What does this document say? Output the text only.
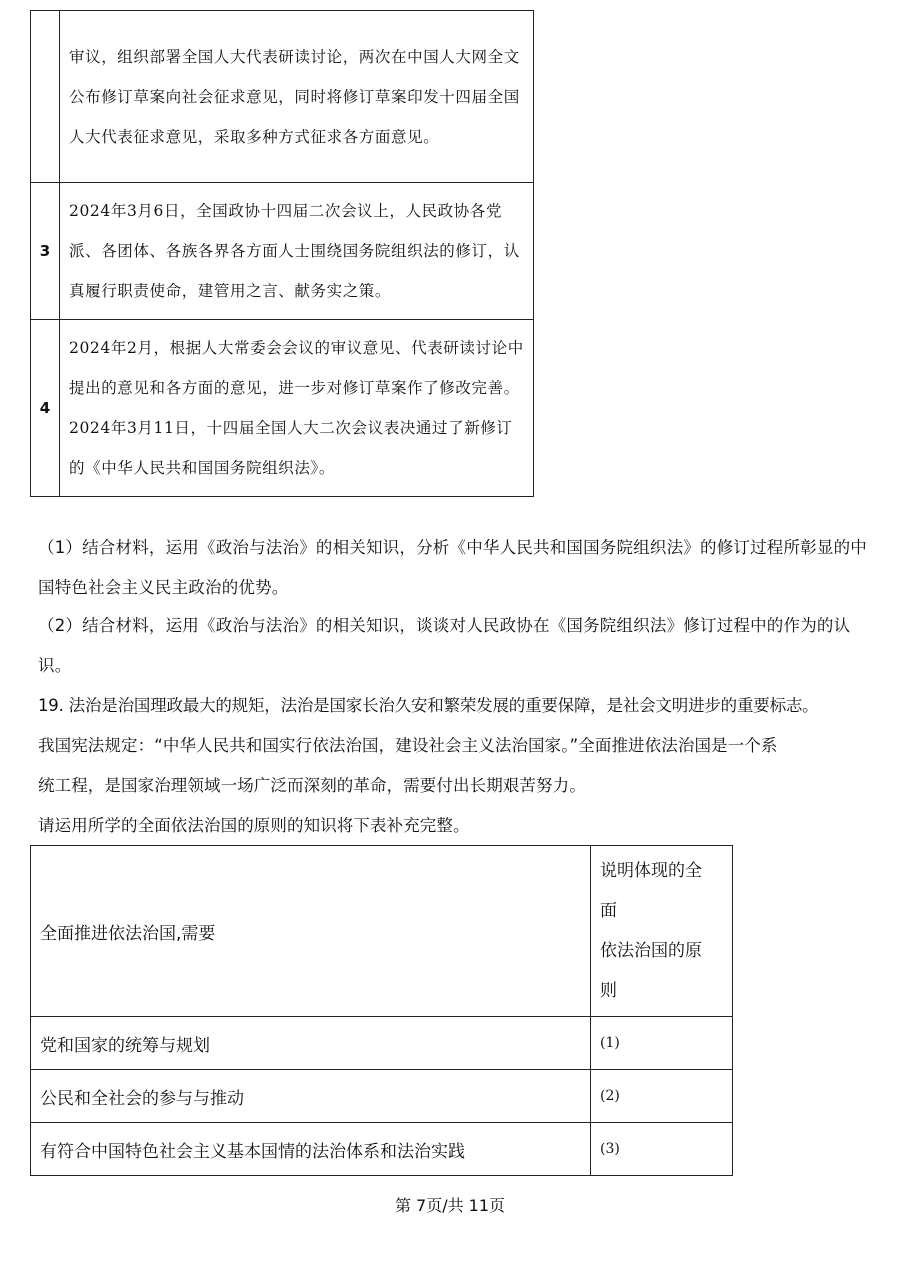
	审议，组织部署全国人大代表研读讨论，两次在中国人大网全文公布修订草案向社会征求意见，同时将修订草案印发十四届全国人大代表征求意见，采取多种方式征求各方面意见。
3	2024年3月6日，全国政协十四届二次会议上，人民政协各党派、各团体、各族各界各方面人士围绕国务院组织法的修订，认真履行职责使命，建管用之言、献务实之策。
4	2024年2月，根据人大常委会会议的审议意见、代表研读讨论中提出的意见和各方面的意见，进一步对修订草案作了修改完善。2024年3月11日，十四届全国人大二次会议表决通过了新修订的《中华人民共和国国务院组织法》。
（1）结合材料，运用《政治与法治》的相关知识，分析《中华人民共和国国务院组织法》的修订过程所彰显的中国特色社会主义民主政治的优势。
（2）结合材料，运用《政治与法治》的相关知识，谈谈对人民政协在《国务院组织法》修订过程中的作为的认识。
19. 法治是治国理政最大的规矩，法治是国家长治久安和繁荣发展的重要保障，是社会文明进步的重要标志。
我国宪法规定：“中华人民共和国实行依法治国，建设社会主义法治国家。”全面推进依法治国是一个系
统工程，是国家治理领域一场广泛而深刻的革命，需要付出长期艰苦努力。
请运用所学的全面依法治国的原则的知识将下表补充完整。
全面推进依法治国,需要	说明体现的全
面
依法治国的原
则

党和国家的统筹与规划	(1)
公民和全社会的参与与推动	(2)
有符合中国特色社会主义基本国情的法治体系和法治实践	(3)
第 7页/共 11页
